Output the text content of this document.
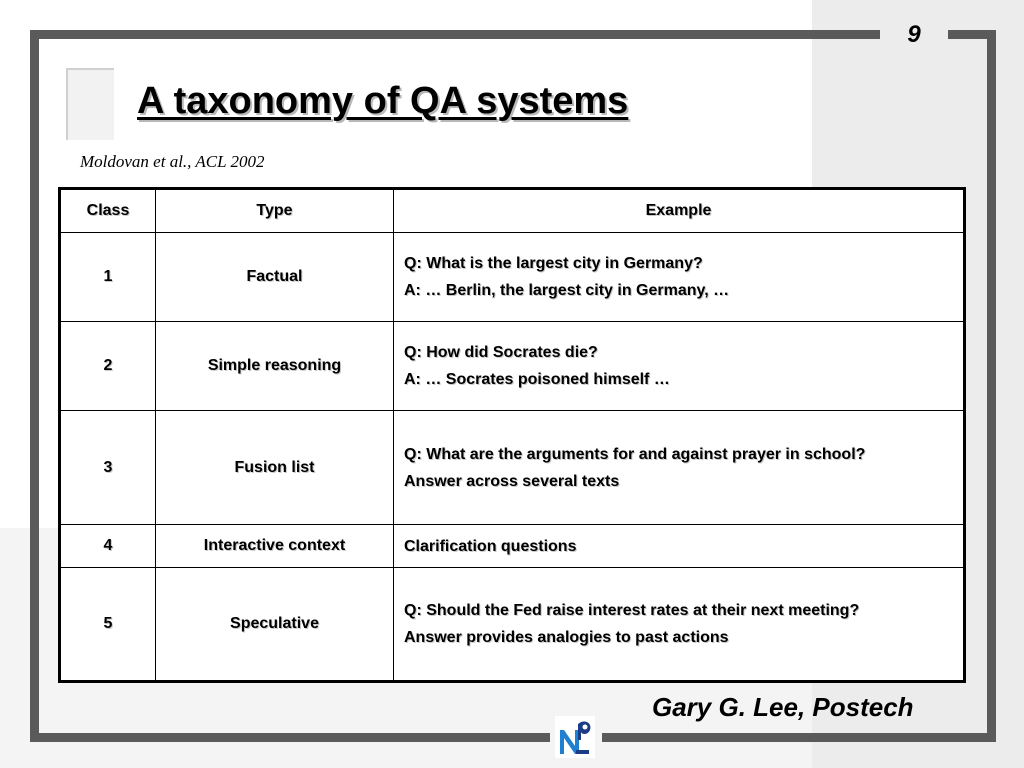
9
A taxonomy of QA systems
Moldovan et al., ACL 2002
Class	Type	Example
1	Factual	Q: What is the largest city in Germany?
A: … Berlin, the largest city in Germany, …

2	Simple reasoning	Q: How did Socrates die?
A: … Socrates poisoned himself …

3	Fusion list	Q: What are the arguments for and against prayer in school?
Answer across several texts

4	Interactive context	Clarification questions

5	Speculative	Q: Should the Fed raise interest rates at their next meeting?
Answer provides analogies to past actions
Gary G. Lee, Postech
